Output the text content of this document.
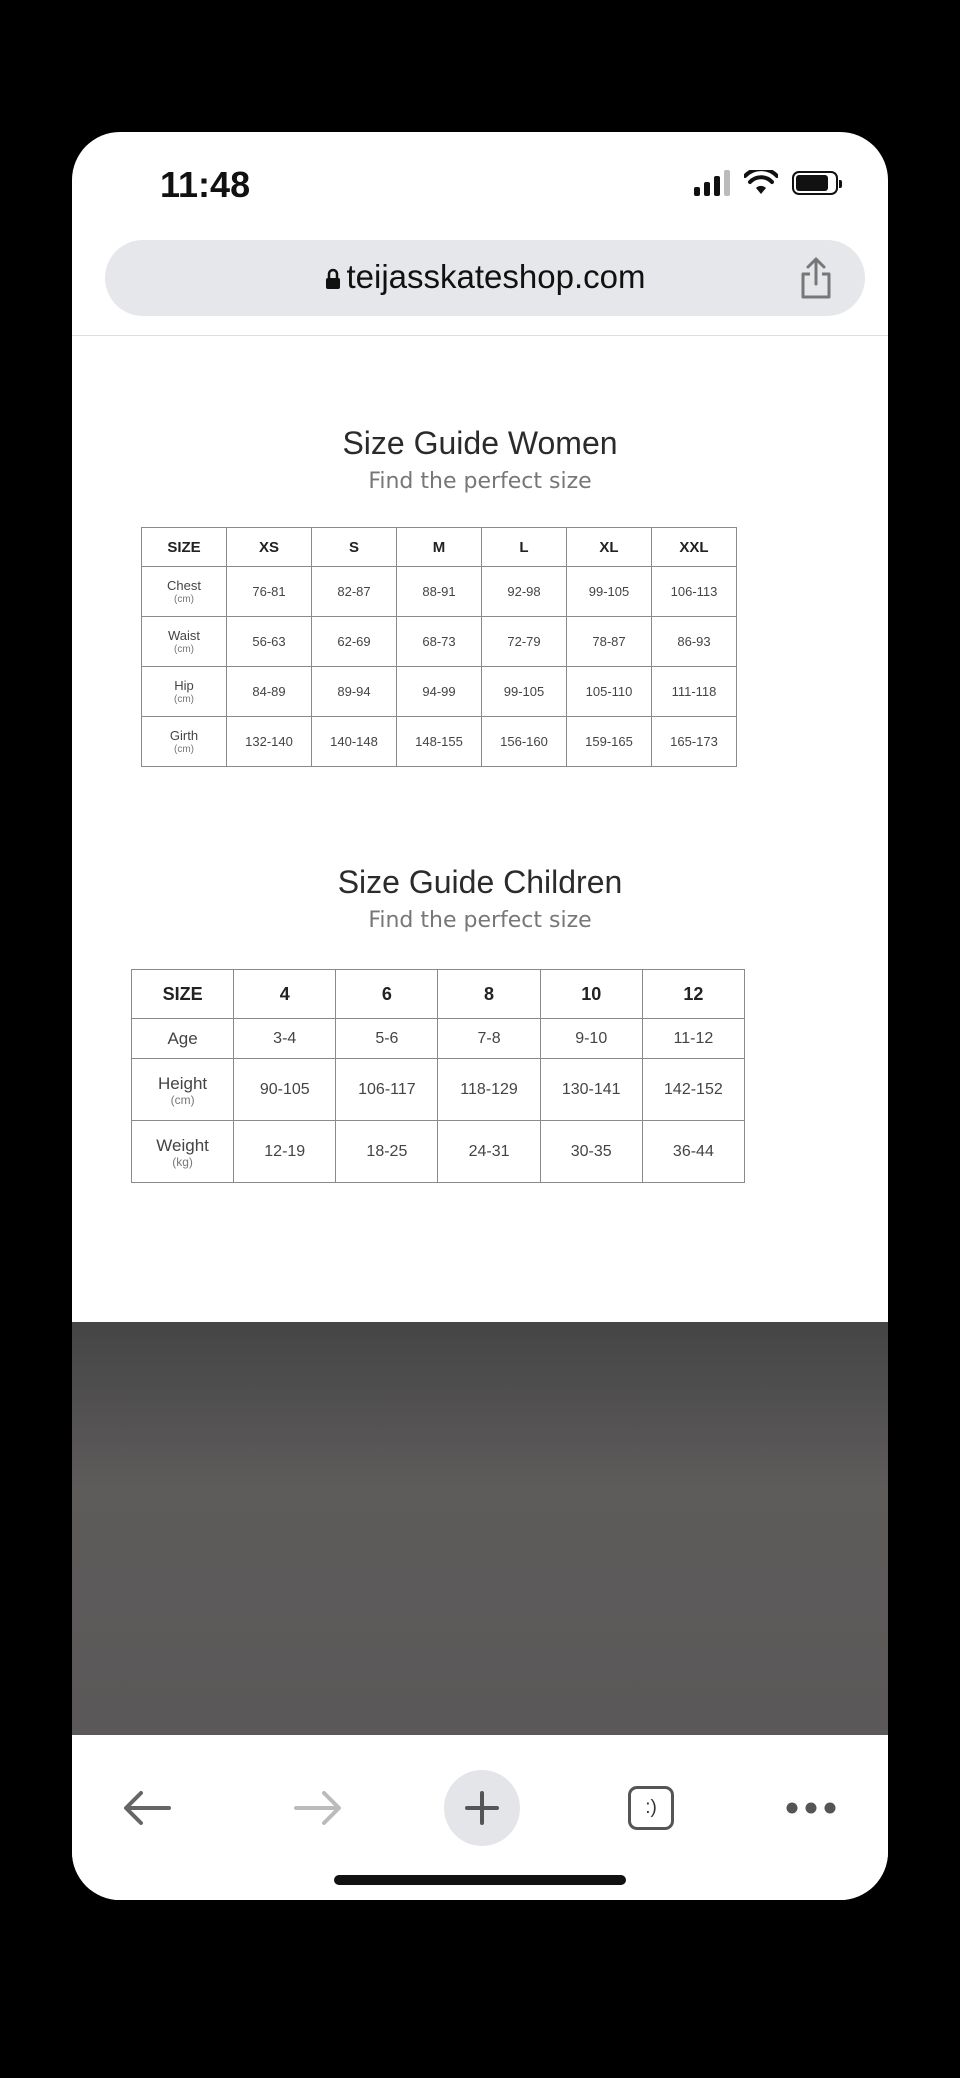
11:48
teijasskateshop.com
Size Guide Women
Find the perfect size
SIZE	XS	S	M	L	XL	XXL
Chest
(cm)	76-81	82-87	88-91	92-98	99-105	106-113
Waist
(cm)	56-63	62-69	68-73	72-79	78-87	86-93
Hip
(cm)	84-89	89-94	94-99	99-105	105-110	111-118
Girth
(cm)	132-140	140-148	148-155	156-160	159-165	165-173
Size Guide Children
Find the perfect size
SIZE	4	6	8	10	12
Age	3-4	5-6	7-8	9-10	11-12
Height
(cm)	90-105	106-117	118-129	130-141	142-152
Weight
(kg)	12-19	18-25	24-31	30-35	36-44
:)
